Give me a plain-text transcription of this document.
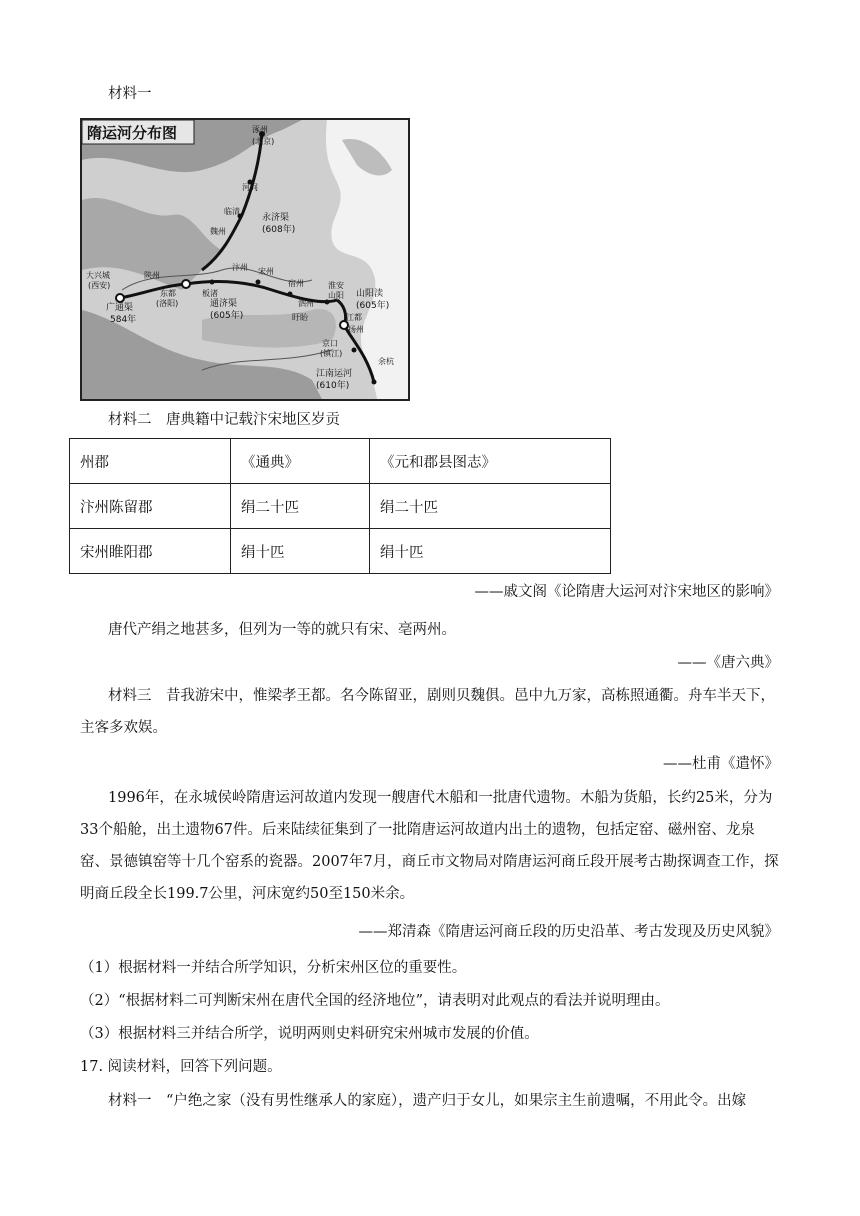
材料一
隋运河分布图	涿州
(北京)
河间
临清
魏州
永济渠
(608年)
大兴城
(西安)
陕州
东都
(洛阳)
板渚
汴州 宋州
宿州
广通渠
584年
通济渠
(605年)
泗州
盱眙
淮安
山阳 山阳渎
(605年)
江都
扬州
京口
(镇江)
江南运河
(610年)
余杭
材料二　唐典籍中记载汴宋地区岁贡
州郡	《通典》	《元和郡县图志》
汴州陈留郡	绢二十匹	绢二十匹
宋州睢阳郡	绢十匹	绢十匹
——戚文阁《论隋唐大运河对汴宋地区的影响》
唐代产绢之地甚多，但列为一等的就只有宋、亳两州。
——《唐六典》
材料三　昔我游宋中，惟梁孝王都。名今陈留亚，剧则贝魏俱。邑中九万家，高栋照通衢。舟车半天下，主客多欢娱。
——杜甫《遣怀》
1996年，在永城侯岭隋唐运河故道内发现一艘唐代木船和一批唐代遗物。木船为货船，长约25米，分为33个船舱，出土遗物67件。后来陆续征集到了一批隋唐运河故道内出土的遗物，包括定窑、磁州窑、龙泉窑、景德镇窑等十几个窑系的瓷器。2007年7月，商丘市文物局对隋唐运河商丘段开展考古勘探调查工作，探明商丘段全长199.7公里，河床宽约50至150米余。
——郑清森《隋唐运河商丘段的历史沿革、考古发现及历史风貌》
（1）根据材料一并结合所学知识，分析宋州区位的重要性。
（2）“根据材料二可判断宋州在唐代全国的经济地位”，请表明对此观点的看法并说明理由。
（3）根据材料三并结合所学，说明两则史料研究宋州城市发展的价值。
17. 阅读材料，回答下列问题。
材料一　“户绝之家（没有男性继承人的家庭），遗产归于女儿，如果宗主生前遗嘱，不用此令。出嫁
